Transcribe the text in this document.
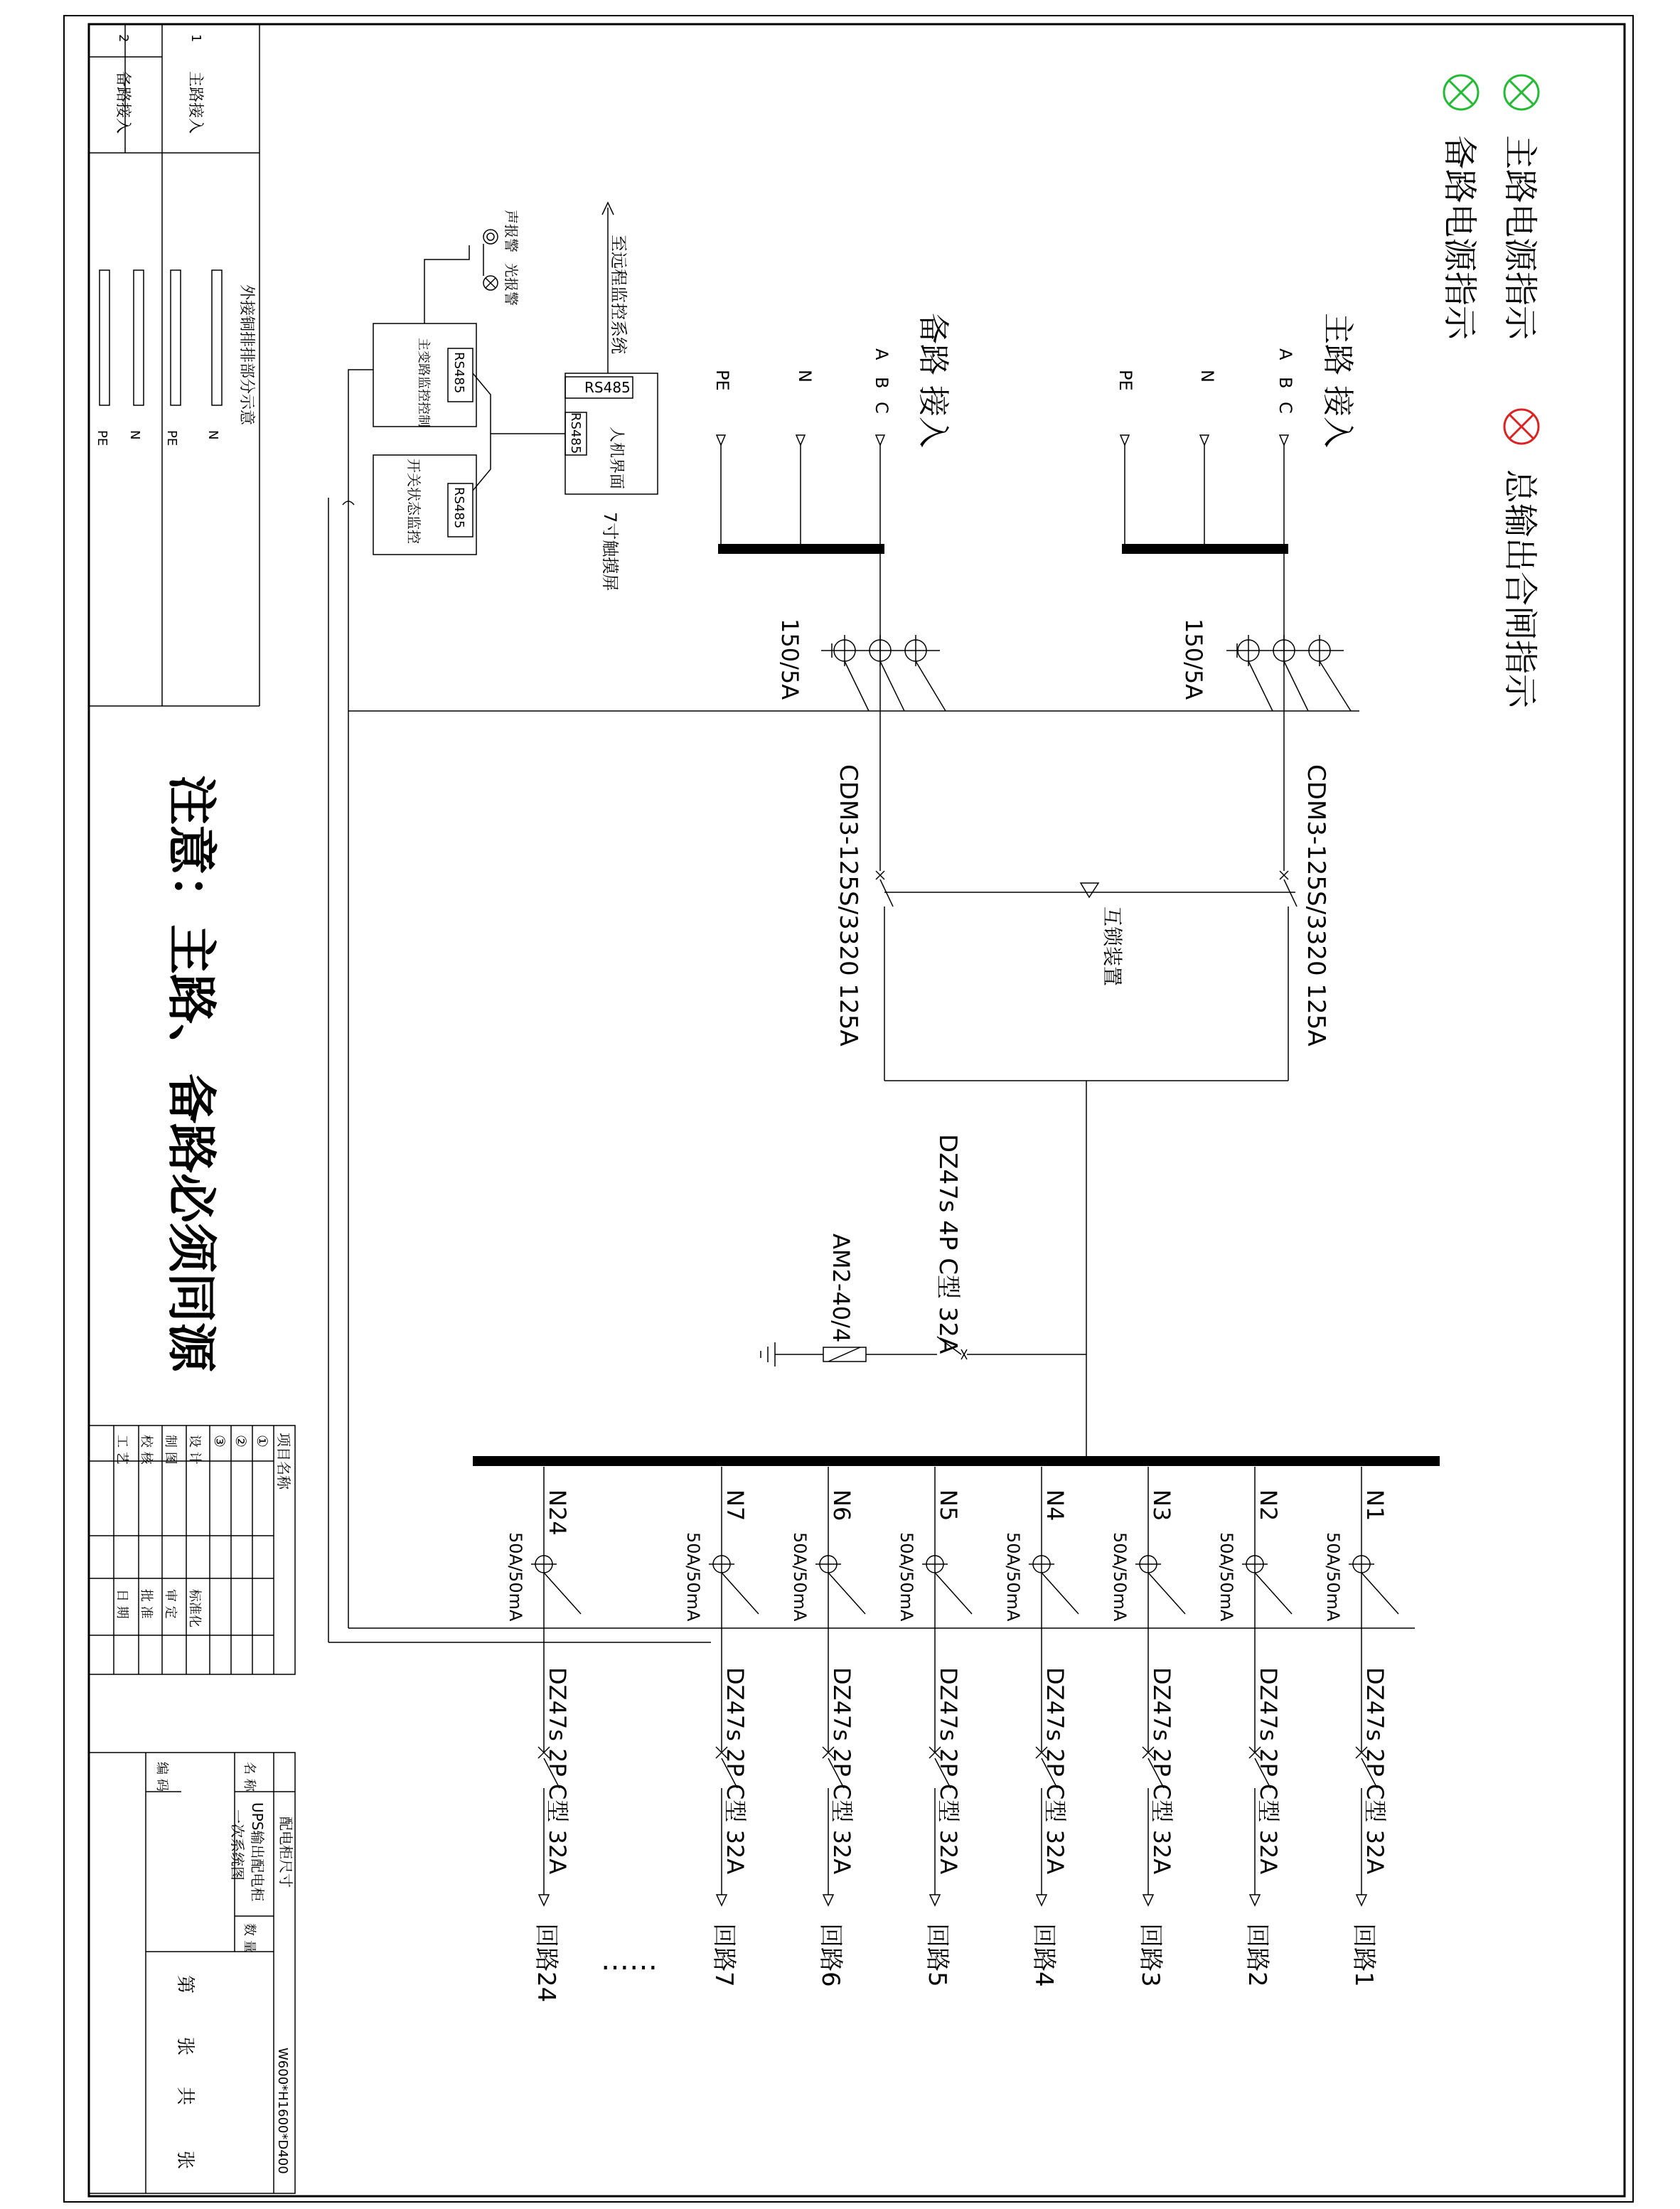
主路电源指示
备路电源指示
总输出合闸指示
主路 接入
A
B
C
N
PE
150/5A
CDM3-125S/3320 125A
备路 接入
A
B
C
N
PE
150/5A
CDM3-125S/3320 125A	互锁装置
DZ47s 4P C型 32A
AM2-40/4
N1
50A/50mA
DZ47s 2P C型 32A
回路1
N2
50A/50mA
DZ47s 2P C型 32A
回路2
N3
50A/50mA
DZ47s 2P C型 32A
回路3
N4
50A/50mA
DZ47s 2P C型 32A
回路4
N5
50A/50mA
DZ47s 2P C型 32A
回路5
N6
50A/50mA
DZ47s 2P C型 32A
回路6
N7
50A/50mA
DZ47s 2P C型 32A
回路7
N24
50A/50mA
DZ47s 2P C型 32A
回路24 ……
RS485
RS485 人机界面
7寸触摸屏
至远程监控系统
RS485
主变路监控控制
RS485
开关状态监控
声报警
光报警
注意：主路、备路必须同源
1
2
主路接入
备路接入
外接铜排排部分示意
N
PE
N
PE
项目名称
①
②
③
设 计
制 图
校 核
工 艺
标准化
审 定
批 准
日 期
配电柜尺寸
W600*H1600*D400
名 称
UPS输出配电柜
一次系统图
数 量
编 码
第
张
共
张
